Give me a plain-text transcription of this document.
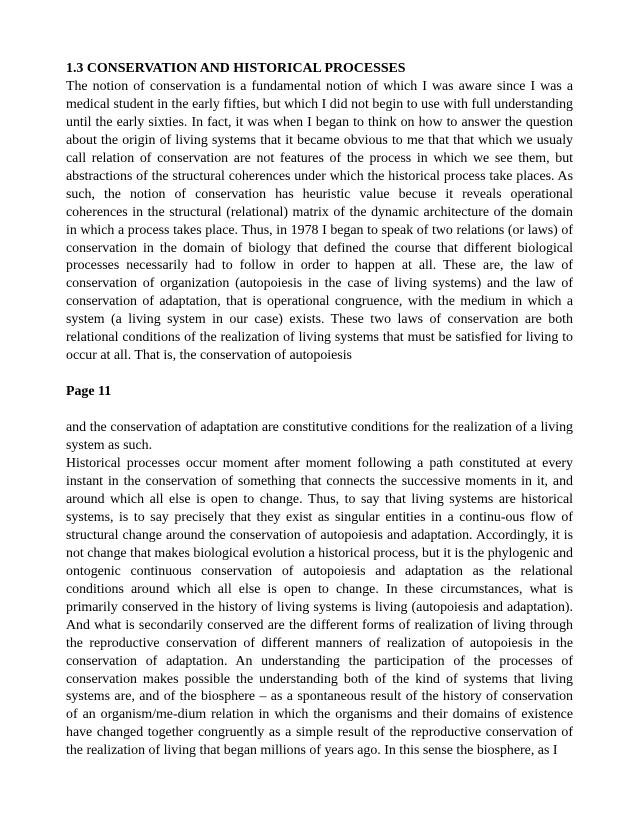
1.3 CONSERVATION AND HISTORICAL PROCESSES

The notion of conservation is a fundamental notion of which I was aware since I was a medical student in the early fifties, but which I did not begin to use with full understanding until the early sixties. In fact, it was when I began to think on how to answer the question about the origin of living systems that it became obvious to me that that which we usualy call relation of conservation are not features of the process in which we see them, but abstractions of the structural coherences under which the historical process take places. As such, the notion of conservation has heuristic value becuse it reveals operational coherences in the structural (relational) matrix of the dynamic architecture of the domain in which a process takes place. Thus, in 1978 I began to speak of two relations (or laws) of conservation in the domain of biology that defined the course that different biological processes necessarily had to follow in order to happen at all. These are, the law of conservation of organization (autopoiesis in the case of living systems) and the law of conservation of adaptation, that is operational congruence, with the medium in which a system (a living system in our case) exists. These two laws of conservation are both relational conditions of the realization of living systems that must be satisfied for living to occur at all. That is, the conservation of autopoiesis

Page 11

and the conservation of adaptation are constitutive conditions for the realization of a living system as such.

Historical processes occur moment after moment following a path constituted at every instant in the conservation of something that connects the successive moments in it, and around which all else is open to change. Thus, to say that living systems are historical systems, is to say precisely that they exist as singular entities in a continu-ous flow of structural change around the conservation of autopoiesis and adaptation. Accordingly, it is not change that makes biological evolution a historical process, but it is the phylogenic and ontogenic continuous conservation of autopoiesis and adaptation as the relational conditions around which all else is open to change. In these circumstances, what is primarily conserved in the history of living systems is living (autopoiesis and adaptation). And what is secondarily conserved are the different forms of realization of living through the reproductive conservation of different manners of realization of autopoiesis in the conservation of adaptation. An understanding the participation of the processes of conservation makes possible the understanding both of the kind of systems that living systems are, and of the biosphere – as a spontaneous result of the history of conservation of an organism/me-dium relation in which the organisms and their domains of existence have changed together congruently as a simple result of the reproductive conservation of the realization of living that began millions of years ago. In this sense the biosphere, as I
